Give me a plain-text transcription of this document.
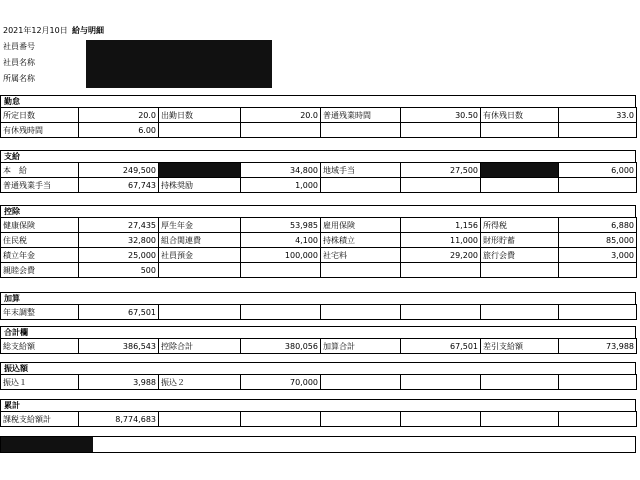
2021年12月10日 給与明細
社員番号
社員名称
所属名称
勤怠
所定日数	20.0	出勤日数	20.0	普通残業時間	30.50	有休残日数	33.0
有休残時間	6.00						
支給
本　給	249,500		34,800	地域手当	27,500		6,000
普通残業手当	67,743	持株奨励	1,000				
控除
健康保険	27,435	厚生年金	53,985	雇用保険	1,156	所得税	6,880
住民税	32,800	組合関連費	4,100	持株積立	11,000	財形貯蓄	85,000
積立年金	25,000	社員預金	100,000	社宅料	29,200	旅行会費	3,000
親睦会費	500						
加算
年末調整	67,501						
合計欄
総支給額	386,543	控除合計	380,056	加算合計	67,501	差引支給額	73,988
振込額
振込１	3,988	振込２	70,000				
累計
課税支給額計	8,774,683						
